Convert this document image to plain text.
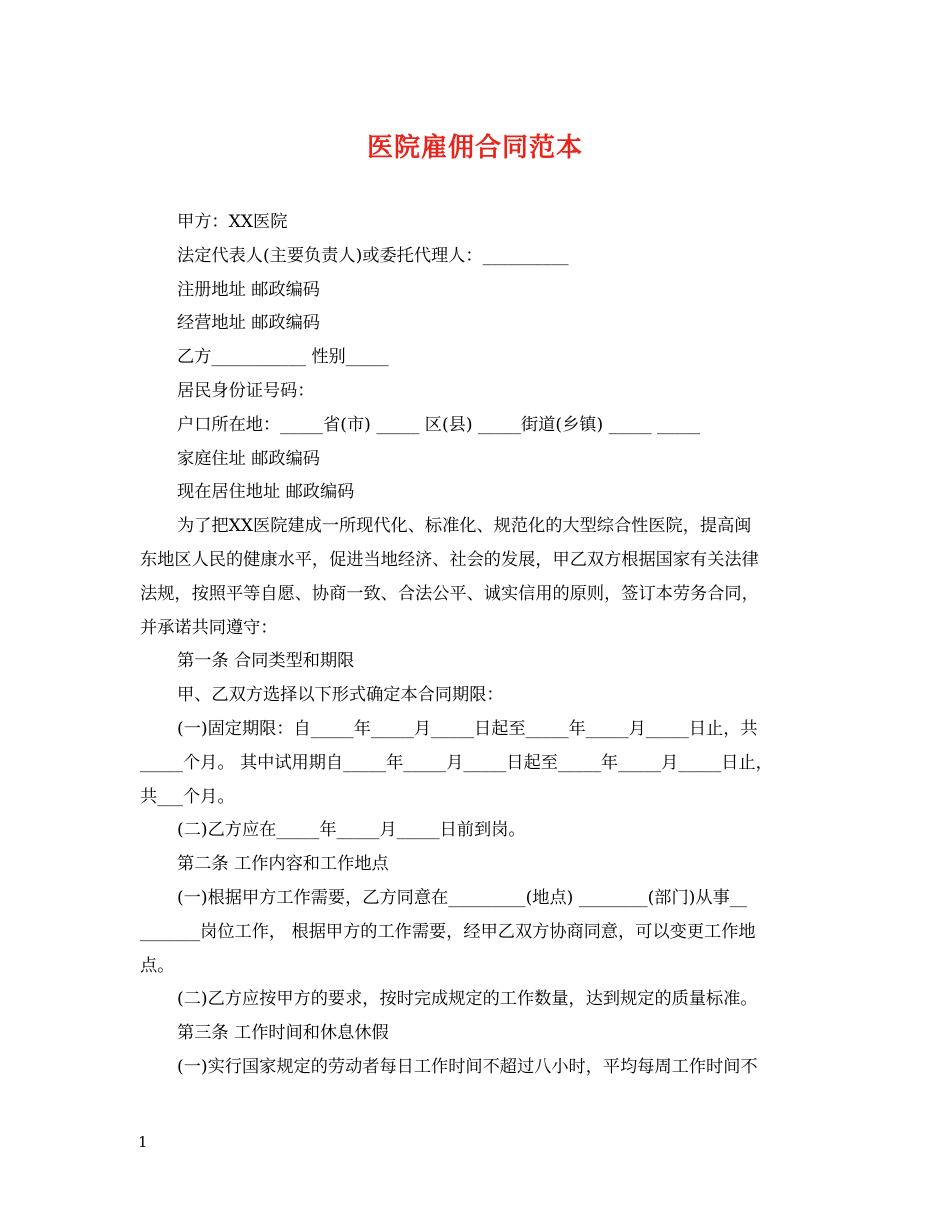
医院雇佣合同范本
甲方：XX医院
法定代表人(主要负责人)或委托代理人：__________
注册地址 邮政编码
经营地址 邮政编码
乙方___________ 性别_____
居民身份证号码：
户口所在地：_____省(市) _____ 区(县) _____街道(乡镇) _____ _____
家庭住址 邮政编码
现在居住地址 邮政编码
为了把XX医院建成一所现代化、标准化、规范化的大型综合性医院，提高闽
东地区人民的健康水平，促进当地经济、社会的发展，甲乙双方根据国家有关法律
法规，按照平等自愿、协商一致、合法公平、诚实信用的原则，签订本劳务合同，
并承诺共同遵守：
第一条 合同类型和期限
甲、乙双方选择以下形式确定本合同期限：
(一)固定期限：自_____年_____月_____日起至_____年_____月_____日止，共
_____个月。 其中试用期自_____年_____月_____日起至_____年_____月_____日止，
共___个月。
(二)乙方应在_____年_____月_____日前到岗。
第二条 工作内容和工作地点
(一)根据甲方工作需要，乙方同意在_________(地点) ________(部门)从事__
_______岗位工作， 根据甲方的工作需要，经甲乙双方协商同意，可以变更工作地
点。
(二)乙方应按甲方的要求，按时完成规定的工作数量，达到规定的质量标准。
第三条 工作时间和休息休假
(一)实行国家规定的劳动者每日工作时间不超过八小时，平均每周工作时间不
1
